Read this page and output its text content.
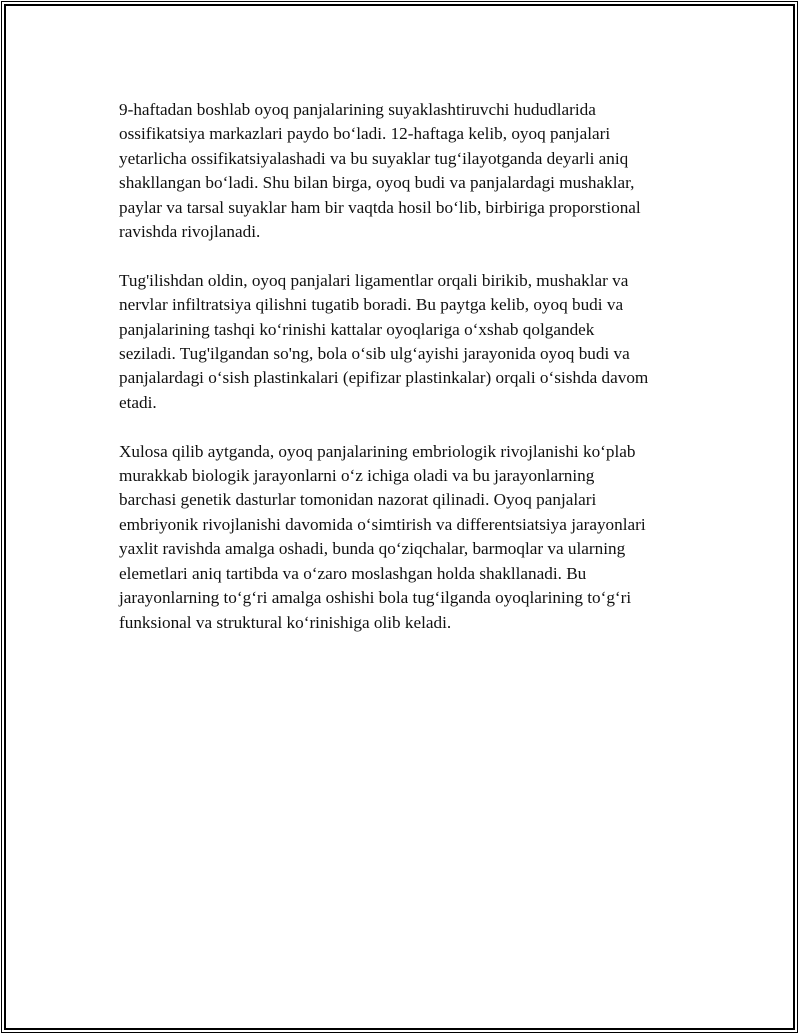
9-haftadan boshlab oyoq panjalarining suyaklashtiruvchi hududlarida
ossifikatsiya markazlari paydo bo‘ladi. 12-haftaga kelib, oyoq panjalari
yetarlicha ossifikatsiyalashadi va bu suyaklar tug‘ilayotganda deyarli aniq
shakllangan bo‘ladi. Shu bilan birga, oyoq budi va panjalardagi mushaklar,
paylar va tarsal suyaklar ham bir vaqtda hosil bo‘lib, birbiriga proporstional
ravishda rivojlanadi.

Tug'ilishdan oldin, oyoq panjalari ligamentlar orqali birikib, mushaklar va
nervlar infiltratsiya qilishni tugatib boradi. Bu paytga kelib, oyoq budi va
panjalarining tashqi ko‘rinishi kattalar oyoqlariga o‘xshab qolgandek
seziladi. Tug'ilgandan so'ng, bola o‘sib ulg‘ayishi jarayonida oyoq budi va
panjalardagi o‘sish plastinkalari (epifizar plastinkalar) orqali o‘sishda davom
etadi.

Xulosa qilib aytganda, oyoq panjalarining embriologik rivojlanishi ko‘plab
murakkab biologik jarayonlarni o‘z ichiga oladi va bu jarayonlarning
barchasi genetik dasturlar tomonidan nazorat qilinadi. Oyoq panjalari
embriyonik rivojlanishi davomida o‘simtirish va differentsiatsiya jarayonlari
yaxlit ravishda amalga oshadi, bunda qo‘ziqchalar, barmoqlar va ularning
elemetlari aniq tartibda va o‘zaro moslashgan holda shakllanadi. Bu
jarayonlarning to‘g‘ri amalga oshishi bola tug‘ilganda oyoqlarining to‘g‘ri
funksional va struktural ko‘rinishiga olib keladi.
